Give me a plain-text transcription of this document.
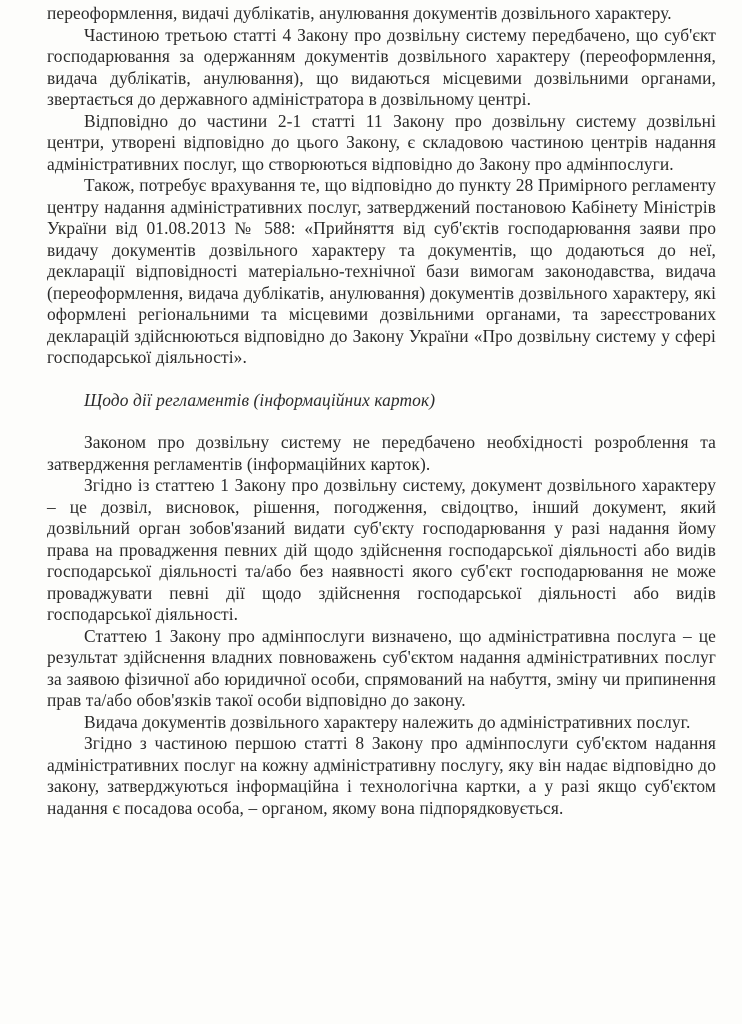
переоформлення, видачі дублікатів, анулювання документів дозвільного характеру.

Частиною третьою статті 4 Закону про дозвільну систему передбачено, що суб'єкт господарювання за одержанням документів дозвільного характеру (переоформлення, видача дублікатів, анулювання), що видаються місцевими дозвільними органами, звертається до державного адміністратора в дозвільному центрі.

Відповідно до частини 2-1 статті 11 Закону про дозвільну систему дозвільні центри, утворені відповідно до цього Закону, є складовою частиною центрів надання адміністративних послуг, що створюються відповідно до Закону про адмінпослуги.

Також, потребує врахування те, що відповідно до пункту 28 Примірного регламенту центру надання адміністративних послуг, затверджений постановою Кабінету Міністрів України від 01.08.2013 № 588: «Прийняття від суб'єктів господарювання заяви про видачу документів дозвільного характеру та документів, що додаються до неї, декларації відповідності матеріально-технічної бази вимогам законодавства, видача (переоформлення, видача дублікатів, анулювання) документів дозвільного характеру, які оформлені регіональними та місцевими дозвільними органами, та зареєстрованих декларацій здійснюються відповідно до Закону України «Про дозвільну систему у сфері господарської діяльності».

Щодо дії регламентів (інформаційних карток)

Законом про дозвільну систему не передбачено необхідності розроблення та затвердження регламентів (інформаційних карток).

Згідно із статтею 1 Закону про дозвільну систему, документ дозвільного характеру – це дозвіл, висновок, рішення, погодження, свідоцтво, інший документ, який дозвільний орган зобов'язаний видати суб'єкту господарювання у разі надання йому права на провадження певних дій щодо здійснення господарської діяльності або видів господарської діяльності та/або без наявності якого суб'єкт господарювання не може проваджувати певні дії щодо здійснення господарської діяльності або видів господарської діяльності.

Статтею 1 Закону про адмінпослуги визначено, що адміністративна послуга – це результат здійснення владних повноважень суб'єктом надання адміністративних послуг за заявою фізичної або юридичної особи, спрямований на набуття, зміну чи припинення прав та/або обов'язків такої особи відповідно до закону.

Видача документів дозвільного характеру належить до адміністративних послуг.

Згідно з частиною першою статті 8 Закону про адмінпослуги суб'єктом надання адміністративних послуг на кожну адміністративну послугу, яку він надає відповідно до закону, затверджуються інформаційна і технологічна картки, а у разі якщо суб'єктом надання є посадова особа, – органом, якому вона підпорядковується.
